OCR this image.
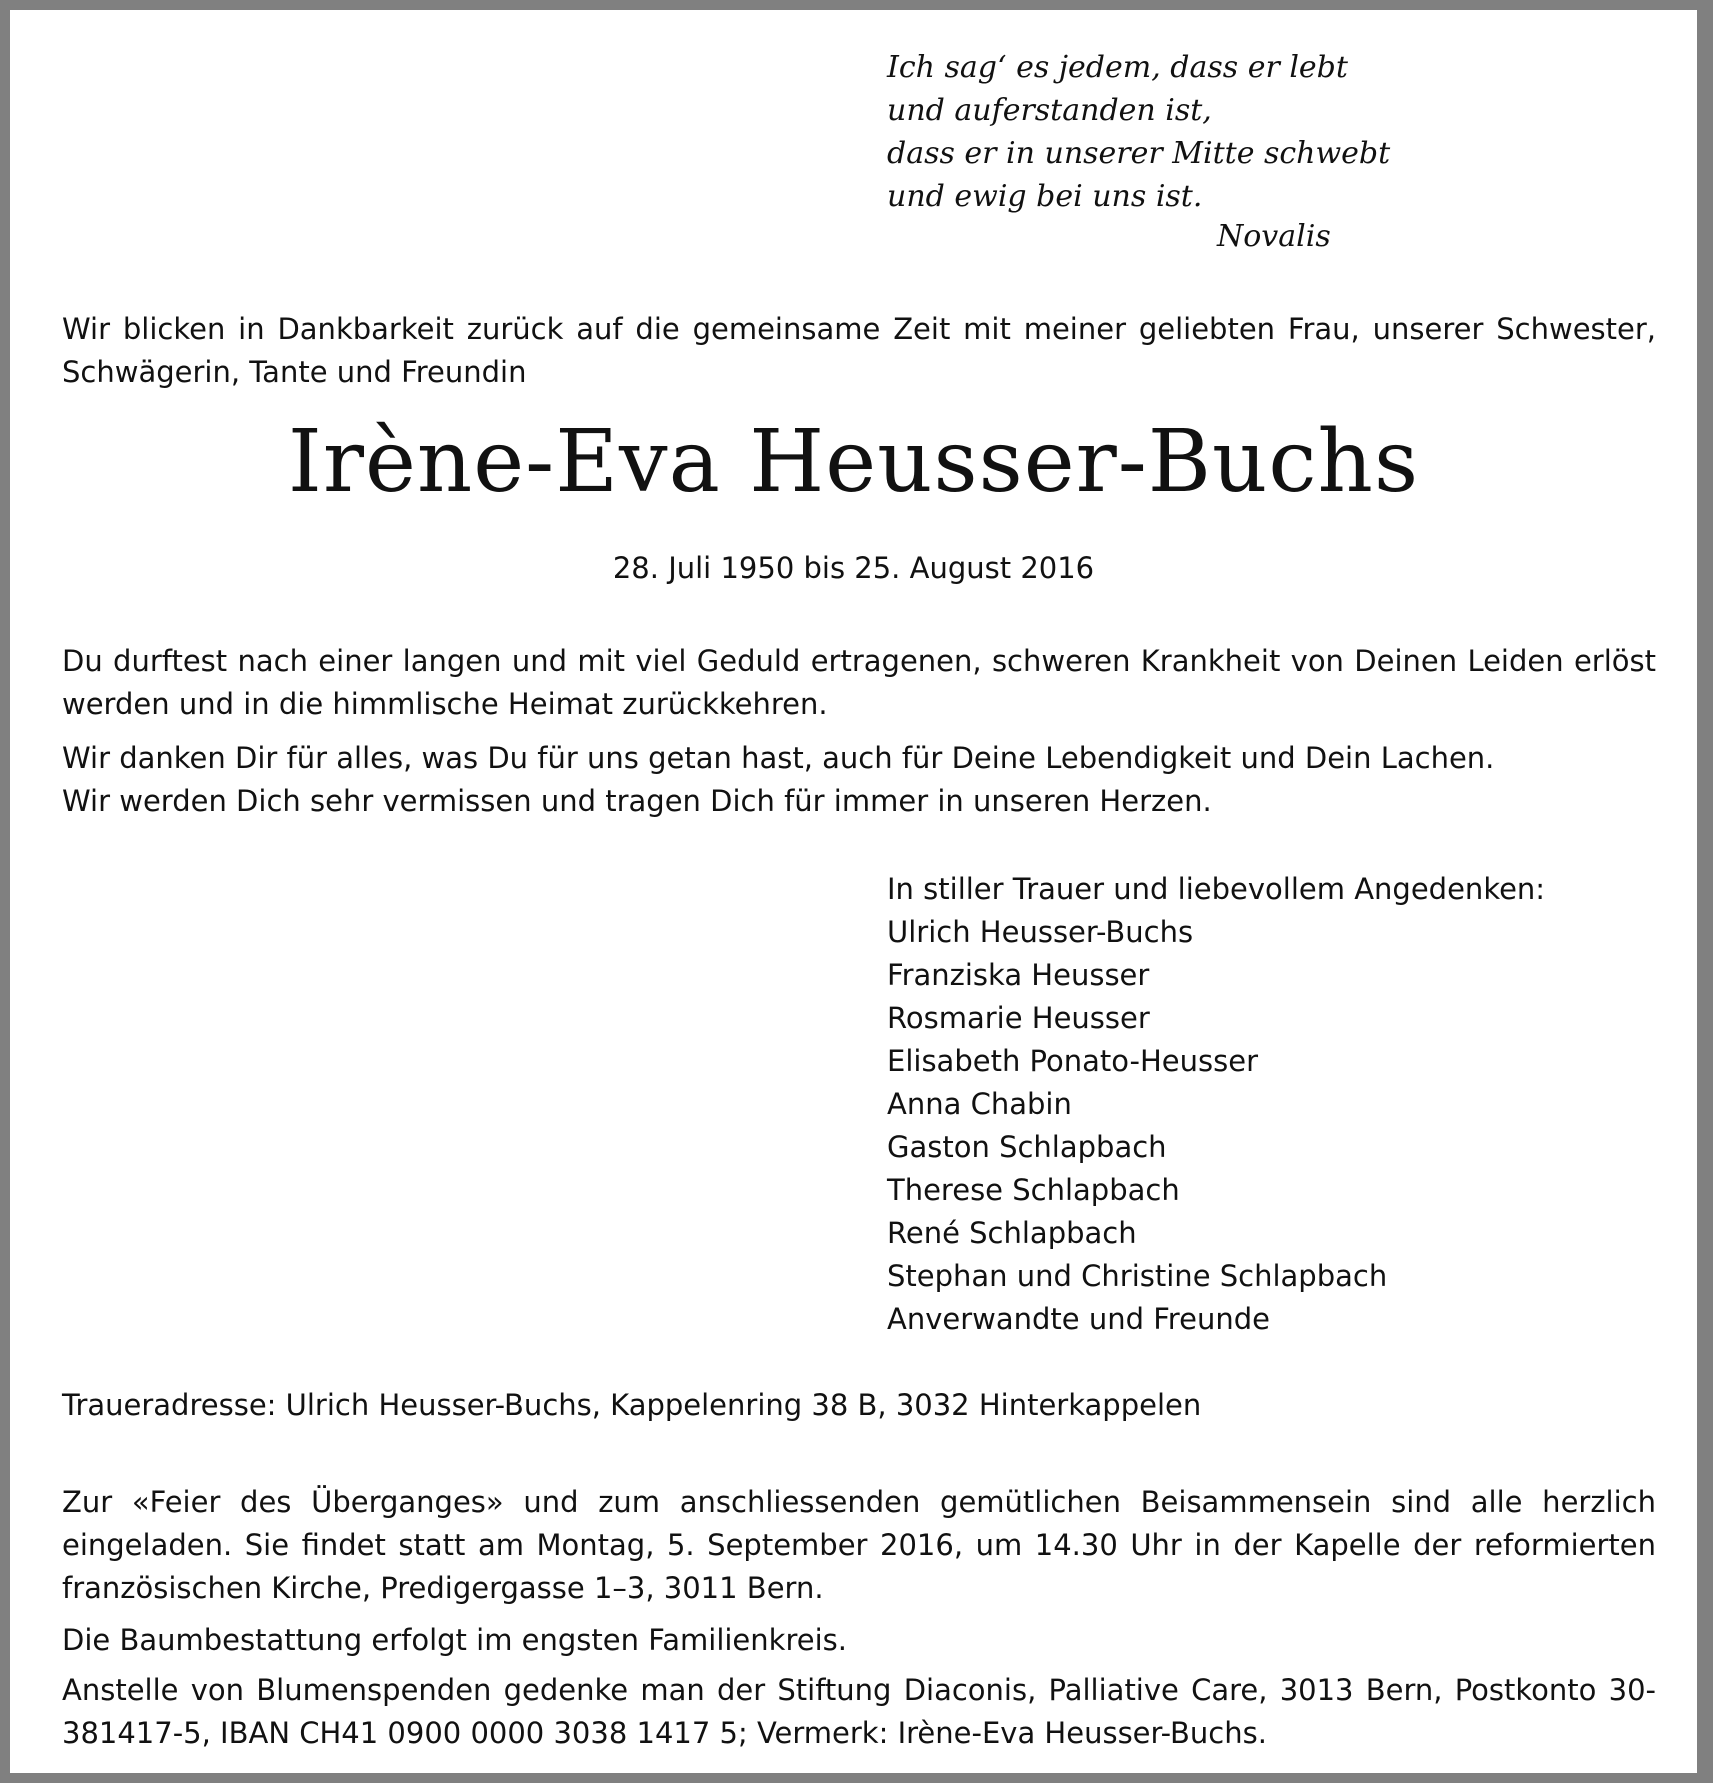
Ich sag‘ es jedem, dass er lebt
und auferstanden ist,
dass er in unserer Mitte schwebt
und ewig bei uns ist.
Novalis

Wir blicken in Dankbarkeit zurück auf die gemeinsame Zeit mit meiner geliebten Frau, unserer Schwester, Schwägerin, Tante und Freundin

Irène-Eva Heusser-Buchs
28. Juli 1950 bis 25. August 2016

Du durftest nach einer langen und mit viel Geduld ertragenen, schweren Krankheit von Deinen Leiden erlöst werden und in die himmlische Heimat zurückkehren.

Wir danken Dir für alles, was Du für uns getan hast, auch für Deine Lebendigkeit und Dein Lachen.
Wir werden Dich sehr vermissen und tragen Dich für immer in unseren Herzen.
In stiller Trauer und liebevollem Angedenken:
Ulrich Heusser-Buchs
Franziska Heusser
Rosmarie Heusser
Elisabeth Ponato-Heusser
Anna Chabin
Gaston Schlapbach
Therese Schlapbach
René Schlapbach
Stephan und Christine Schlapbach
Anverwandte und Freunde

Traueradresse: Ulrich Heusser-Buchs, Kappelenring 38 B, 3032 Hinterkappelen

Zur «Feier des Überganges» und zum anschliessenden gemütlichen Beisammensein sind alle herzlich eingeladen. Sie findet statt am Montag, 5. September 2016, um 14.30 Uhr in der Kapelle der reformierten französischen Kirche, Predigergasse 1–3, 3011 Bern.

Die Baumbestattung erfolgt im engsten Familienkreis.

Anstelle von Blumenspenden gedenke man der Stiftung Diaconis, Palliative Care, 3013 Bern, Postkonto 30-381417-5, IBAN CH41 0900 0000 3038 1417 5; Vermerk: Irène-Eva Heusser-Buchs.
